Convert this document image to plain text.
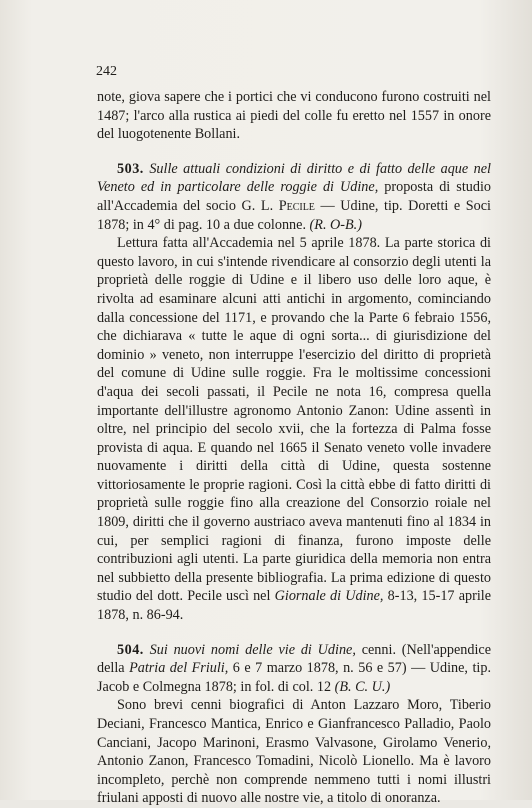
242

note, giova sapere che i portici che vi conducono furono costruiti nel 1487; l'arco alla rustica ai piedi del colle fu eretto nel 1557 in onore del luogotenente Bollani.

503. Sulle attuali condizioni di diritto e di fatto delle aque nel Veneto ed in particolare delle roggie di Udine, proposta di studio all'Accademia del socio G. L. Pecile — Udine, tip. Doretti e Soci 1878; in 4° di pag. 10 a due colonne. (R. O-B.)

Lettura fatta all'Accademia nel 5 aprile 1878. La parte storica di questo lavoro, in cui s'intende rivendicare al consorzio degli utenti la proprietà delle roggie di Udine e il libero uso delle loro aque, è rivolta ad esaminare alcuni atti antichi in argomento, cominciando dalla concessione del 1171, e provando che la Parte 6 febraio 1556, che dichiarava « tutte le aque di ogni sorta... di giurisdizione del dominio » veneto, non interruppe l'esercizio del diritto di proprietà del comune di Udine sulle roggie. Fra le moltissime concessioni d'aqua dei secoli passati, il Pecile ne nota 16, compresa quella importante dell'illustre agronomo Antonio Zanon: Udine assentì in oltre, nel principio del secolo xvii, che la fortezza di Palma fosse provista di aqua. E quando nel 1665 il Senato veneto volle invadere nuovamente i diritti della città di Udine, questa sostenne vittoriosamente le proprie ragioni. Così la città ebbe di fatto diritti di proprietà sulle roggie fino alla creazione del Consorzio roiale nel 1809, diritti che il governo austriaco aveva mantenuti fino al 1834 in cui, per semplici ragioni di finanza, furono imposte delle contribuzioni agli utenti. La parte giuridica della memoria non entra nel subbietto della presente bibliografia. La prima edizione di questo studio del dott. Pecile uscì nel Giornale di Udine, 8-13, 15-17 aprile 1878, n. 86-94.

504. Sui nuovi nomi delle vie di Udine, cenni. (Nell'appendice della Patria del Friuli, 6 e 7 marzo 1878, n. 56 e 57) — Udine, tip. Jacob e Colmegna 1878; in fol. di col. 12 (B. C. U.)

Sono brevi cenni biografici di Anton Lazzaro Moro, Tiberio Deciani, Francesco Mantica, Enrico e Gianfrancesco Palladio, Paolo Canciani, Jacopo Marinoni, Erasmo Valvasone, Girolamo Venerio, Antonio Zanon, Francesco Tomadini, Nicolò Lionello. Ma è lavoro incompleto, perchè non comprende nemmeno tutti i nomi illustri friulani apposti di nuovo alle nostre vie, a titolo di onoranza.
